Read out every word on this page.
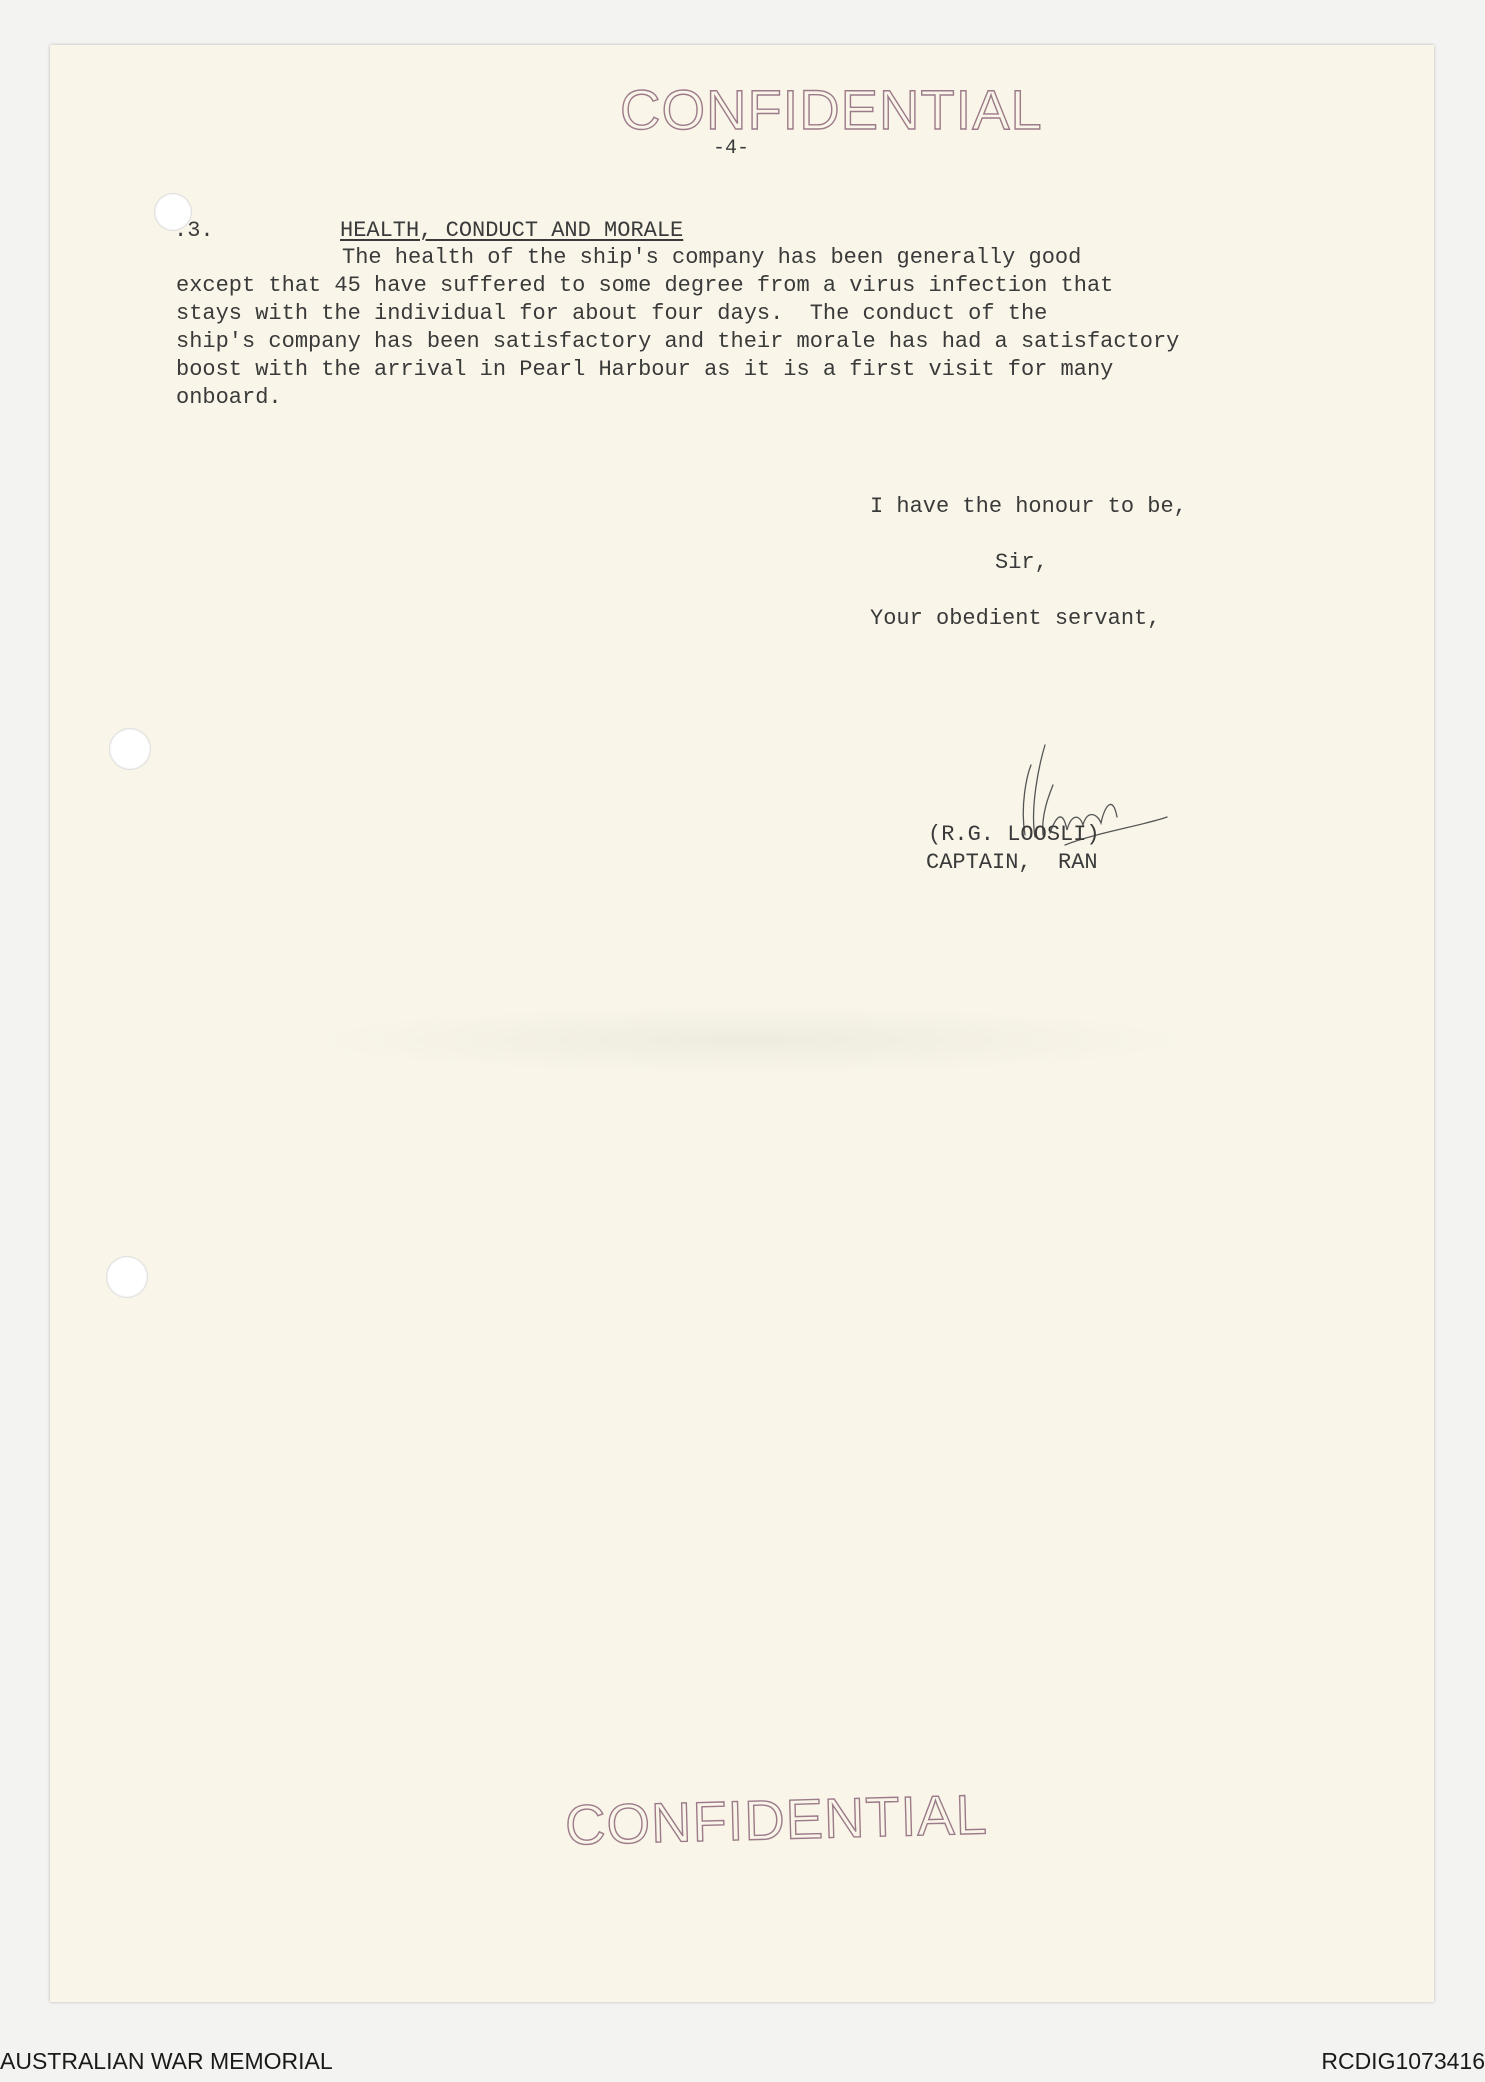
CONFIDENTIAL
-4-
.3.	HEALTH, CONDUCT AND MORALE
The health of the ship's company has been generally good
except that 45 have suffered to some degree from a virus infection that
stays with the individual for about four days.  The conduct of the
ship's company has been satisfactory and their morale has had a satisfactory
boost with the arrival in Pearl Harbour as it is a first visit for many
onboard.
I have the honour to be,
Sir,
Your obedient servant,
(R.G. LOOSLI)
CAPTAIN,  RAN
CONFIDENTIAL
AUSTRALIAN WAR MEMORIAL	RCDIG1073416
